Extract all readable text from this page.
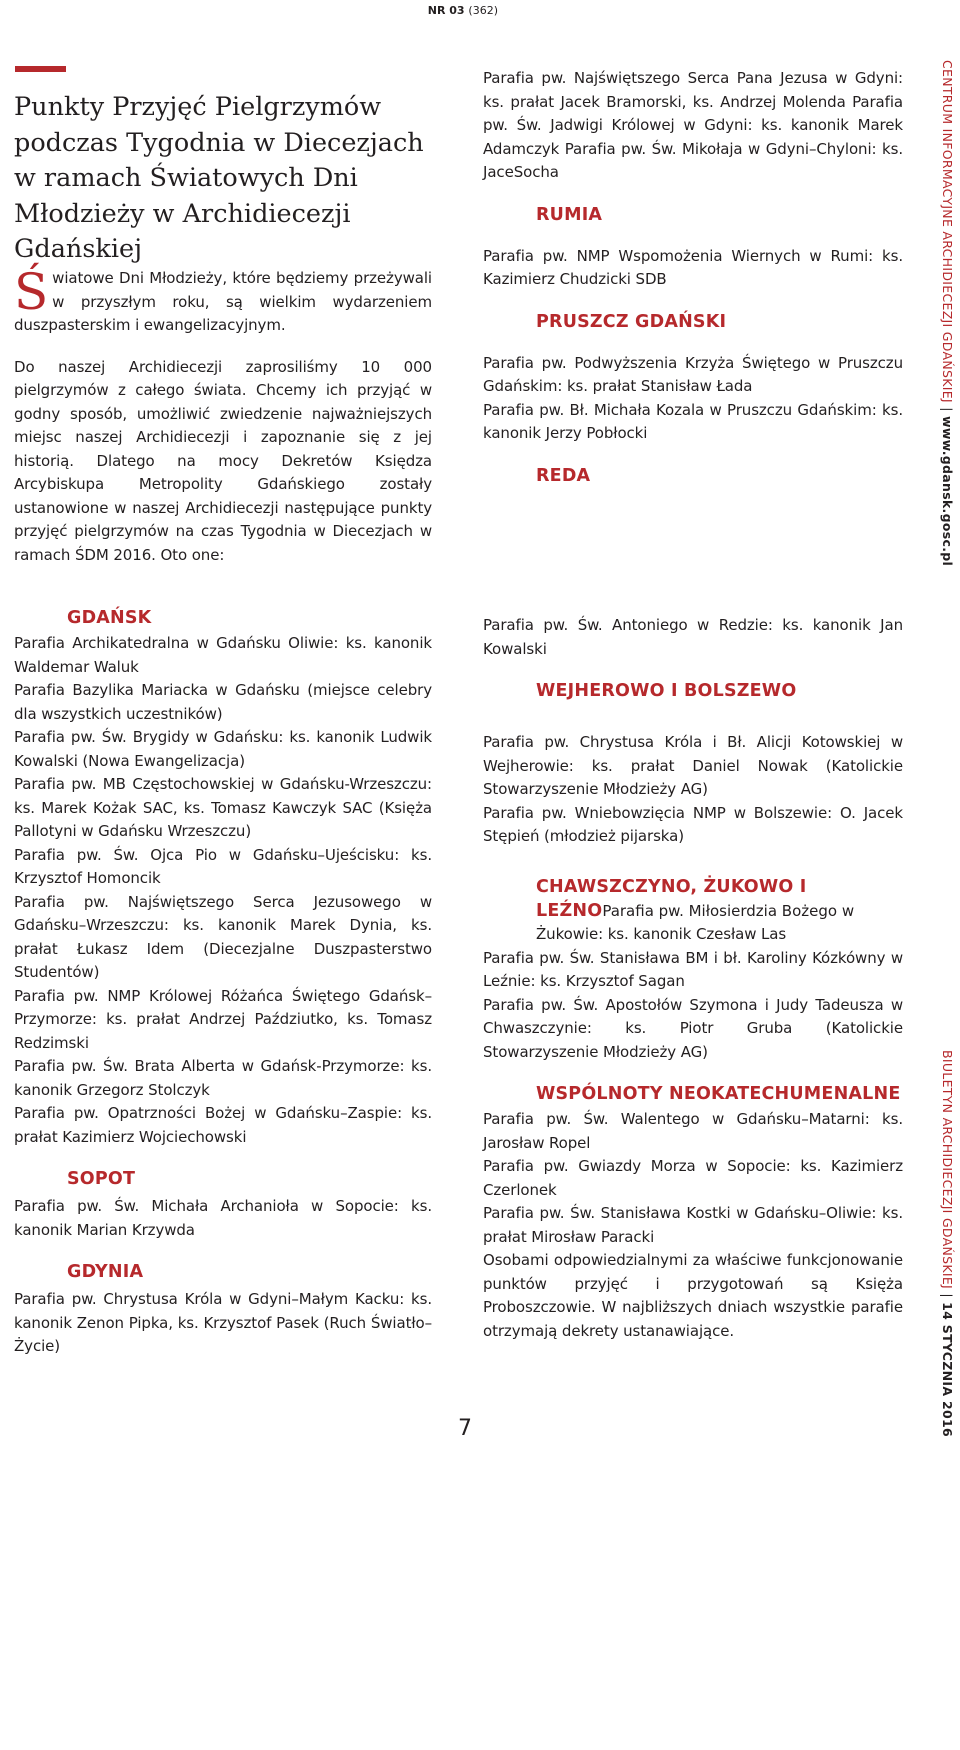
NR 03 (362)
Punkty Przyjęć Pielgrzymów podczas Tygodnia w Diecezjach w ramach Światowych Dni Młodzieży w Archidiecezji Gdańskiej

Światowe Dni Młodzieży, które będziemy przeżywali w przyszłym roku, są wielkim wydarzeniem duszpasterskim i ewangelizacyjnym.

Do naszej Archidiecezji zaprosiliśmy 10 000 pielgrzymów z całego świata. Chcemy ich przyjąć w godny sposób, umożliwić zwiedzenie najważniejszych miejsc naszej Archidiecezji i zapoznanie się z jej historią. Dlatego na mocy Dekretów Księdza Arcybiskupa Metropolity Gdańskiego zostały ustanowione w naszej Archidiecezji następujące punkty przyjęć pielgrzymów na czas Tygodnia w Diecezjach w ramach ŚDM 2016. Oto one:

GDAŃSK

Parafia Archikatedralna w Gdańsku Oliwie: ks. kanonik Waldemar Waluk

Parafia Bazylika Mariacka w Gdańsku (miejsce celebry dla wszystkich uczestników)

Parafia pw. Św. Brygidy w Gdańsku: ks. kanonik Ludwik Kowalski (Nowa Ewangelizacja)

Parafia pw. MB Częstochowskiej w Gdańsku-Wrzeszczu: ks. Marek Kożak SAC, ks. Tomasz Kawczyk SAC (Księża Pallotyni w Gdańsku Wrzeszczu)

Parafia pw. Św. Ojca Pio w Gdańsku–Ujeścisku: ks. Krzysztof Homoncik

Parafia pw. Najświętszego Serca Jezusowego w Gdańsku–Wrzeszczu: ks. kanonik Marek Dynia, ks. prałat Łukasz Idem (Diecezjalne Duszpasterstwo Studentów)

Parafia pw. NMP Królowej Różańca Świętego Gdańsk–Przymorze: ks. prałat Andrzej Paździutko, ks. Tomasz Redzimski

Parafia pw. Św. Brata Alberta w Gdańsk-Przymorze: ks. kanonik Grzegorz Stolczyk

Parafia pw. Opatrzności Bożej w Gdańsku–Zaspie: ks. prałat Kazimierz Wojciechowski

SOPOT

Parafia pw. Św. Michała Archanioła w Sopocie: ks. kanonik Marian Krzywda

GDYNIA

Parafia pw. Chrystusa Króla w Gdyni–Małym Kacku: ks. kanonik Zenon Pipka, ks. Krzysztof Pasek (Ruch Światło–Życie)

Parafia pw. Najświętszego Serca Pana Jezusa w Gdyni: ks. prałat Jacek Bramorski, ks. Andrzej Molenda Parafia pw. Św. Jadwigi Królowej w Gdyni: ks. kanonik Marek Adamczyk Parafia pw. Św. Mikołaja w Gdyni–Chyloni: ks. JaceSocha

RUMIA

Parafia pw. NMP Wspomożenia Wiernych w Rumi: ks. Kazimierz Chudzicki SDB

PRUSZCZ GDAŃSKI

Parafia pw. Podwyższenia Krzyża Świętego w Pruszczu Gdańskim: ks. prałat Stanisław Łada

Parafia pw. Bł. Michała Kozala w Pruszczu Gdańskim: ks. kanonik Jerzy Pobłocki

REDA

Parafia pw. Św. Antoniego w Redzie: ks. kanonik Jan Kowalski

WEJHEROWO I BOLSZEWO

Parafia pw. Chrystusa Króla i Bł. Alicji Kotowskiej w Wejherowie: ks. prałat Daniel Nowak (Katolickie Stowarzyszenie Młodzieży AG)

Parafia pw. Wniebowzięcia NMP w Bolszewie: O. Jacek Stępień (młodzież pijarska)

CHAWSZCZYNO, ŻUKOWO I
LEŹNO Parafia pw. Miłosierdzia Bożego w

Żukowie: ks. kanonik Czesław Las

Parafia pw. Św. Stanisława BM i bł. Karoliny Kózkówny w Leźnie: ks. Krzysztof Sagan

Parafia pw. Św. Apostołów Szymona i Judy Tadeusza w Chwaszczynie: ks. Piotr Gruba (Katolickie Stowarzyszenie Młodzieży AG)

WSPÓLNOTY NEOKATECHUMENALNE

Parafia pw. Św. Walentego w Gdańsku–Matarni: ks. Jarosław Ropel

Parafia pw. Gwiazdy Morza w Sopocie: ks. Kazimierz Czerlonek

Parafia pw. Św. Stanisława Kostki w Gdańsku–Oliwie: ks. prałat Mirosław Paracki

Osobami odpowiedzialnymi za właściwe funkcjonowanie punktów przyjęć i przygotowań są Księża Proboszczowie. W najbliższych dniach wszystkie parafie otrzymają dekrety ustanawiające.

CENTRUM INFORMACYJNE ARCHIDIECEZJI GDAŃSKIEJ | www.gdansk.gosc.pl
BIULETYN ARCHIDIECEZJI GDAŃSKIEJ | 14 STYCZNIA 2016
7
